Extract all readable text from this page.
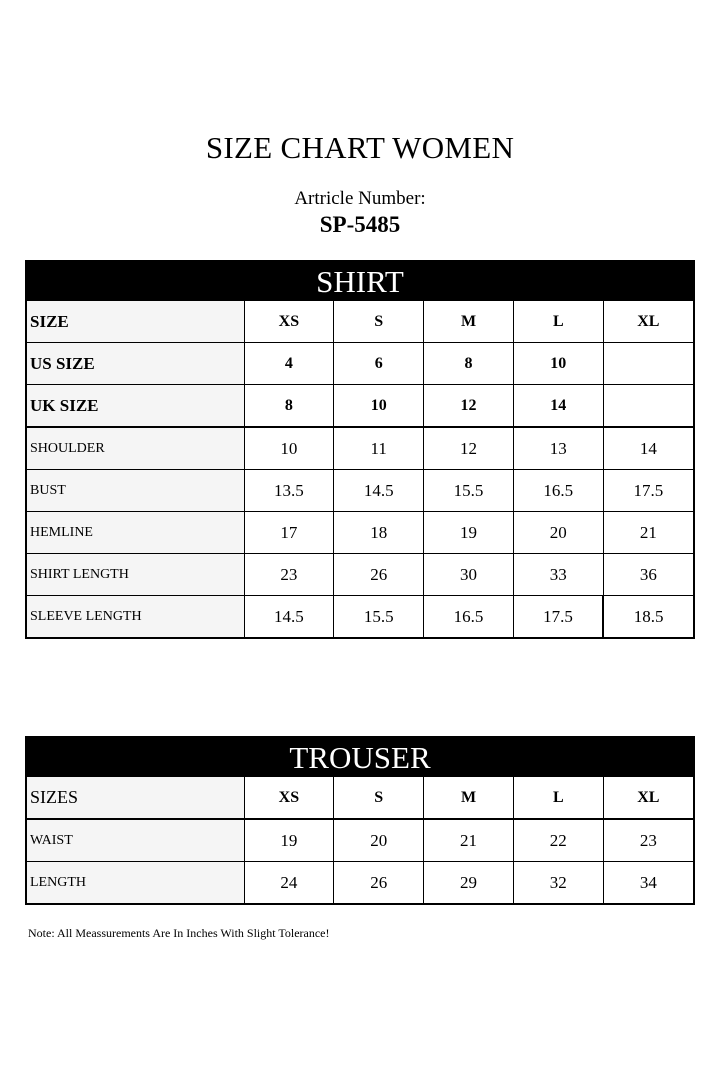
SIZE CHART WOMEN
Artricle Number:
SP-5485
SHIRT
SIZE	XS	S	M	L	XL
US SIZE	4	6	8	10	
UK SIZE	8	10	12	14	
SHOULDER	10	11	12	13	14
BUST	13.5	14.5	15.5	16.5	17.5
HEMLINE	17	18	19	20	21
SHIRT LENGTH	23	26	30	33	36
SLEEVE LENGTH	14.5	15.5	16.5	17.5	18.5
TROUSER
SIZES	XS	S	M	L	XL
WAIST	19	20	21	22	23
LENGTH	24	26	29	32	34
Note: All Meassurements Are In Inches With Slight Tolerance!
